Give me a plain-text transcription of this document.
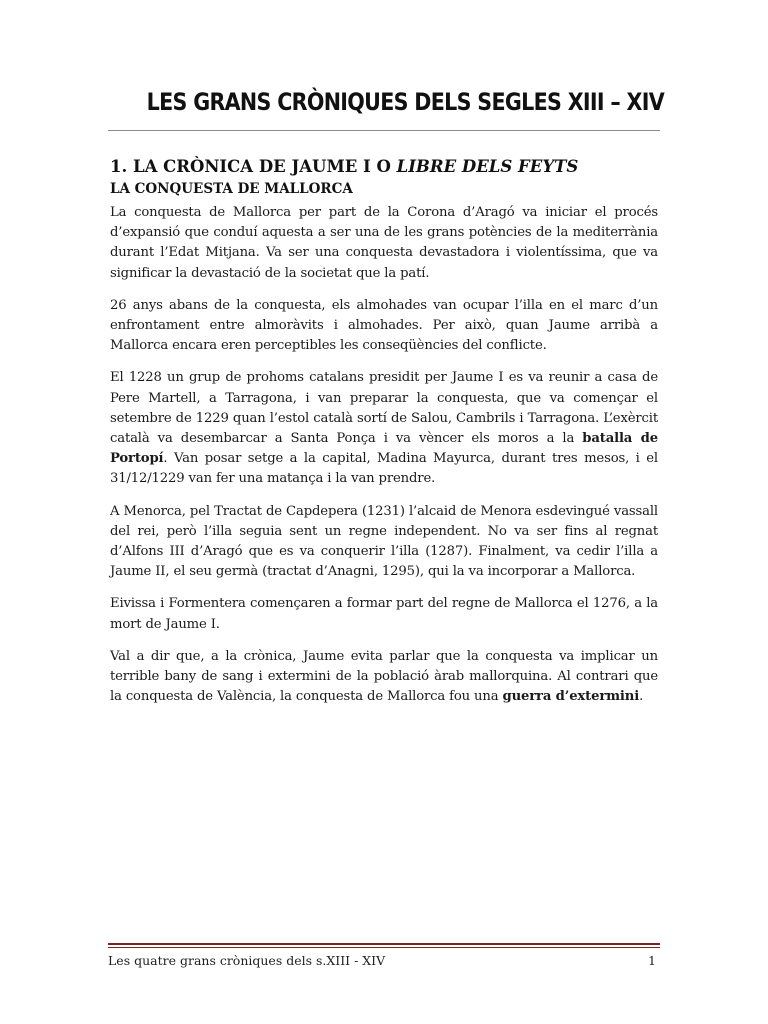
LES GRANS CRÒNIQUES DELS SEGLES XIII – XIV
1. LA CRÒNICA DE JAUME I O LIBRE DELS FEYTS
LA CONQUESTA DE MALLORCA

La conquesta de Mallorca per part de la Corona d’Aragó va iniciar el procés d’expansió que conduí aquesta a ser una de les grans potències de la mediterrània durant l’Edat Mitjana. Va ser una conquesta devastadora i violentíssima, que va significar la devastació de la societat que la patí.

26 anys abans de la conquesta, els almohades van ocupar l’illa en el marc d’un enfrontament entre almoràvits i almohades. Per això, quan Jaume arribà a Mallorca encara eren perceptibles les conseqüències del conflicte.

El 1228 un grup de prohoms catalans presidit per Jaume I es va reunir a casa de Pere Martell, a Tarragona, i van preparar la conquesta, que va començar el setembre de 1229 quan l’estol català sortí de Salou, Cambrils i Tarragona. L’exèrcit català va desembarcar a Santa Ponça i va vèncer els moros a la batalla de Portopí. Van posar setge a la capital, Madina Mayurca, durant tres mesos, i el 31/12/1229 van fer una matança i la van prendre.

A Menorca, pel Tractat de Capdepera (1231) l’alcaid de Menora esdevingué vassall del rei, però l’illa seguia sent un regne independent. No va ser fins al regnat d’Alfons III d’Aragó que es va conquerir l’illa (1287). Finalment, va cedir l’illa a Jaume II, el seu germà (tractat d’Anagni, 1295), qui la va incorporar a Mallorca.

Eivissa i Formentera començaren a formar part del regne de Mallorca el 1276, a la mort de Jaume I.

Val a dir que, a la crònica, Jaume evita parlar que la conquesta va implicar un terrible bany de sang i extermini de la població àrab mallorquina. Al contrari que la conquesta de València, la conquesta de Mallorca fou una guerra d’extermini.

Les quatre grans cròniques dels s.XIII - XIV	1
